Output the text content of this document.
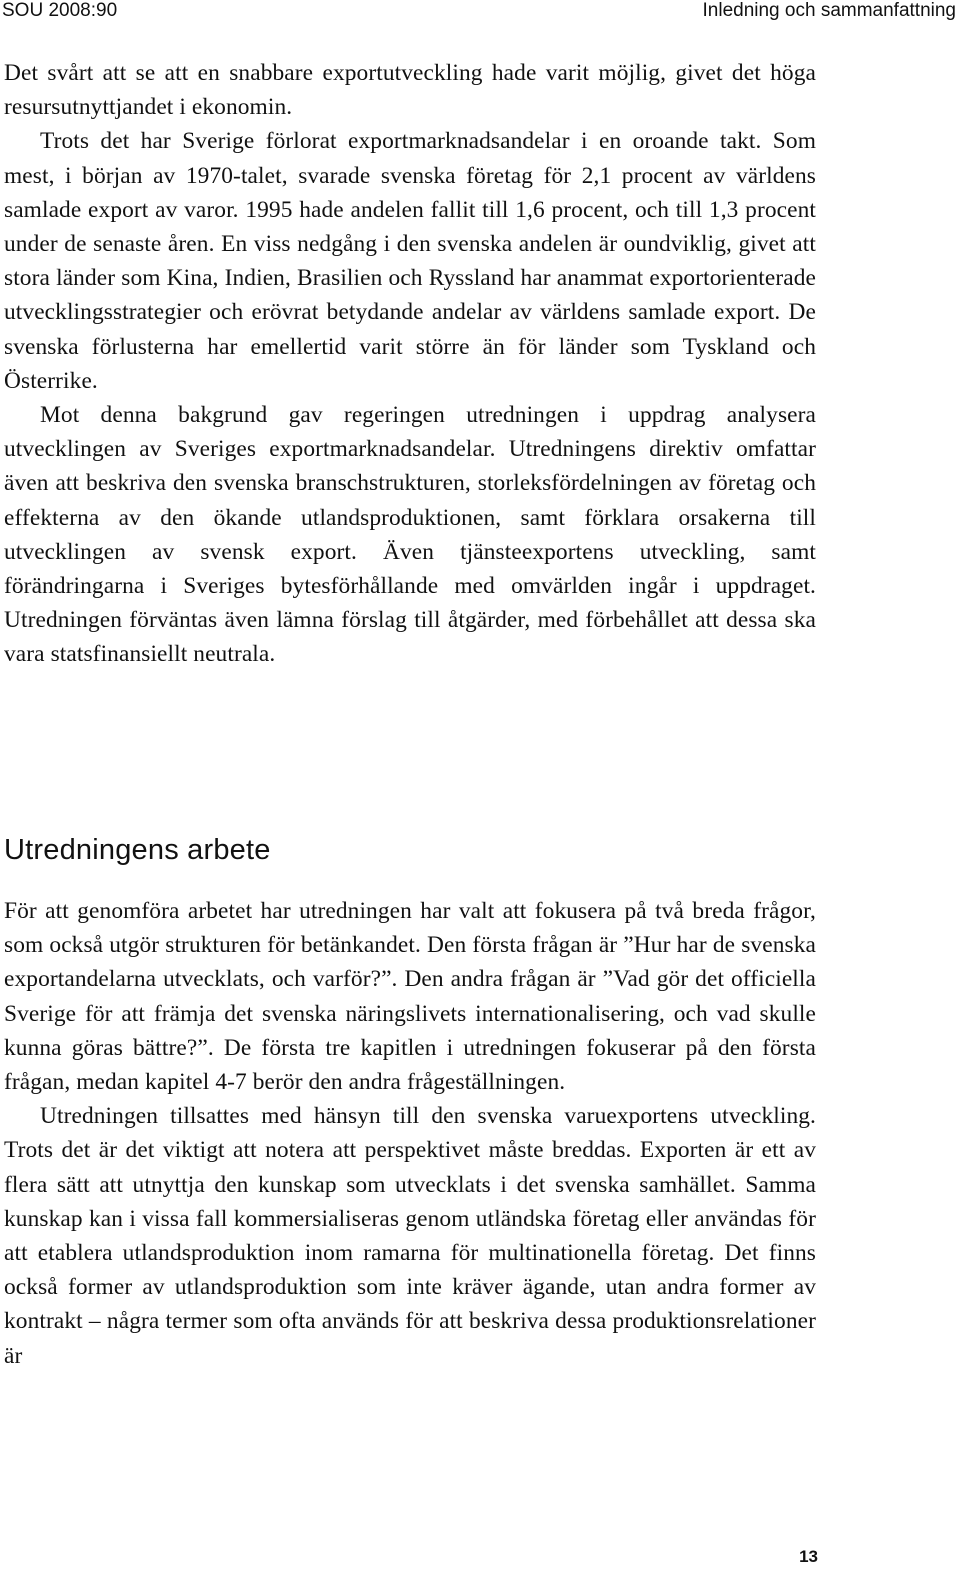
SOU 2008:90	Inledning och sammanfattning

Det svårt att se att en snabbare exportutveckling hade varit möjlig, givet det höga resursutnyttjandet i ekonomin.

Trots det har Sverige förlorat exportmarknadsandelar i en oroande takt. Som mest, i början av 1970-talet, svarade svenska företag för 2,1 procent av världens samlade export av varor. 1995 hade andelen fallit till 1,6 procent, och till 1,3 procent under de senaste åren. En viss nedgång i den svenska andelen är oundviklig, givet att stora länder som Kina, Indien, Brasilien och Ryssland har anammat exportorienterade utvecklingsstrategier och erövrat betydande andelar av världens samlade export. De svenska förlusterna har emellertid varit större än för länder som Tyskland och Österrike.

Mot denna bakgrund gav regeringen utredningen i uppdrag analysera utvecklingen av Sveriges exportmarknadsandelar. Utredningens direktiv omfattar även att beskriva den svenska branschstrukturen, storleksfördelningen av företag och effekterna av den ökande utlandsproduktionen, samt förklara orsakerna till utvecklingen av svensk export. Även tjänsteexportens utveckling, samt förändringarna i Sveriges bytesförhållande med omvärlden ingår i uppdraget. Utredningen förväntas även lämna förslag till åtgärder, med förbehållet att dessa ska vara statsfinansiellt neutrala.

Utredningens arbete

För att genomföra arbetet har utredningen har valt att fokusera på två breda frågor, som också utgör strukturen för betänkandet. Den första frågan är ”Hur har de svenska exportandelarna utvecklats, och varför?”. Den andra frågan är ”Vad gör det officiella Sverige för att främja det svenska näringslivets internationalisering, och vad skulle kunna göras bättre?”. De första tre kapitlen i utredningen fokuserar på den första frågan, medan kapitel 4-7 berör den andra frågeställningen.

Utredningen tillsattes med hänsyn till den svenska varuexportens utveckling. Trots det är det viktigt att notera att perspektivet måste breddas. Exporten är ett av flera sätt att utnyttja den kunskap som utvecklats i det svenska samhället. Samma kunskap kan i vissa fall kommersialiseras genom utländska företag eller användas för att etablera utlandsproduktion inom ramarna för multinationella företag. Det finns också former av utlandsproduktion som inte kräver ägande, utan andra former av kontrakt – några termer som ofta används för att beskriva dessa produktionsrelationer är

13
